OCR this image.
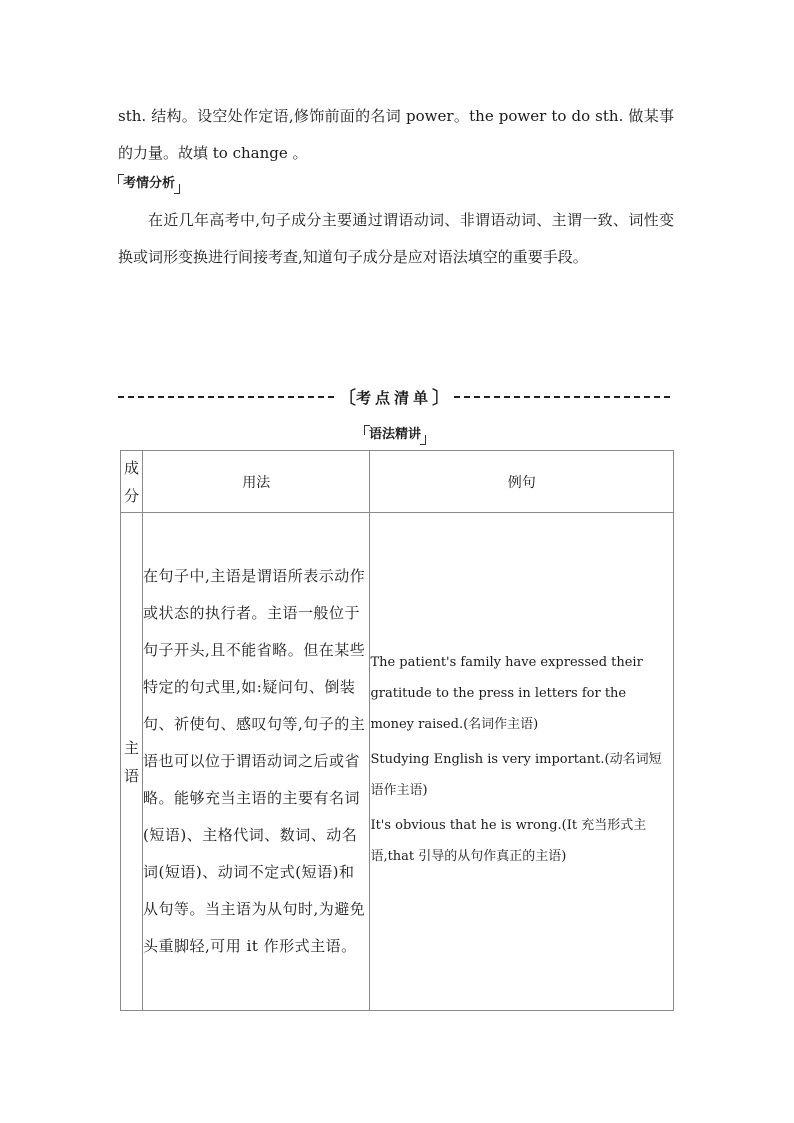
sth. 结构。设空处作定语,修饰前面的名词 power。the power to do sth. 做某事的力量。故填 to change 。

考情分析

在近几年高考中,句子成分主要通过谓语动词、非谓语动词、主谓一致、词性变换或词形变换进行间接考查,知道句子成分是应对语法填空的重要手段。

〔 考点清单 〕
语法精讲
成分	用法	例句
主语	在句子中,主语是谓语所表示动作或状态的执行者。主语一般位于句子开头,且不能省略。但在某些特定的句式里,如:疑问句、倒装句、祈使句、感叹句等,句子的主语也可以位于谓语动词之后或省略。能够充当主语的主要有名词(短语)、主格代词、数词、动名词(短语)、动词不定式(短语)和从句等。当主语为从句时,为避免头重脚轻,可用 it 作形式主语。	The patient's family have expressed their gratitude to the press in letters for the money raised.(名词作主语)

Studying English is very important.(动名词短语作主语)

It's obvious that he is wrong.(It 充当形式主语,that 引导的从句作真正的主语)
